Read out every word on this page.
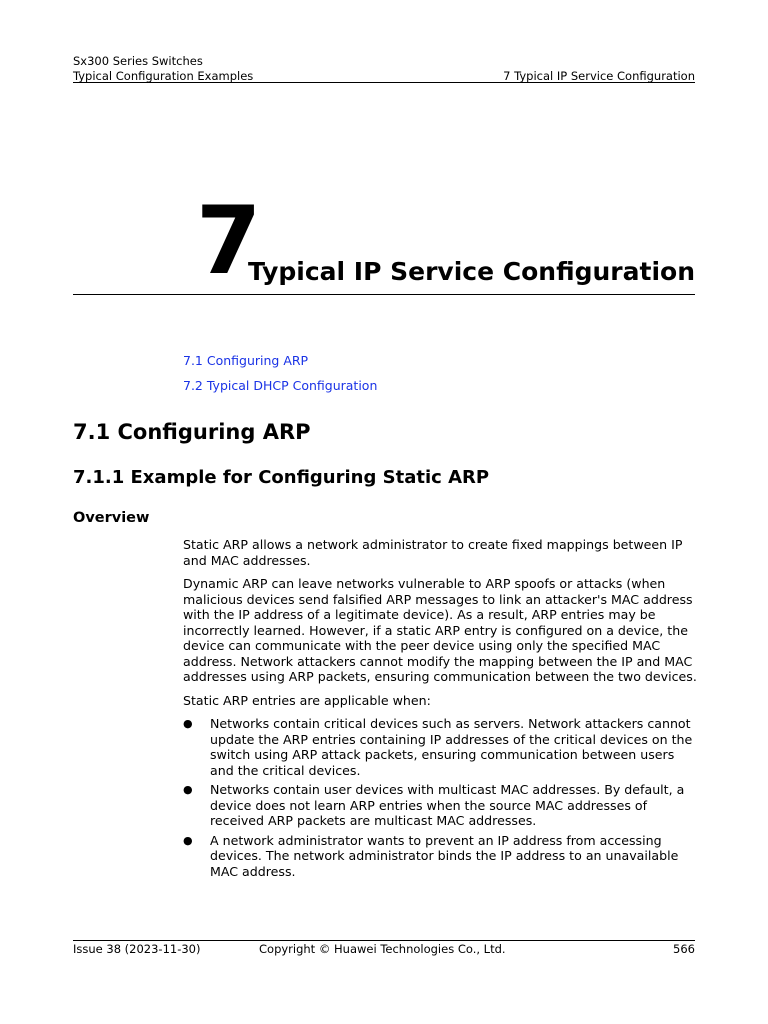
Sx300 Series Switches
Typical Configuration Examples	7 Typical IP Service Configuration
7
Typical IP Service Configuration
7.1 Configuring ARP
7.2 Typical DHCP Configuration
7.1 Configuring ARP
7.1.1 Example for Configuring Static ARP
Overview

Static ARP allows a network administrator to create fixed mappings between IP and MAC addresses.

Dynamic ARP can leave networks vulnerable to ARP spoofs or attacks (when malicious devices send falsified ARP messages to link an attacker's MAC address with the IP address of a legitimate device). As a result, ARP entries may be incorrectly learned. However, if a static ARP entry is configured on a device, the device can communicate with the peer device using only the specified MAC address. Network attackers cannot modify the mapping between the IP and MAC addresses using ARP packets, ensuring communication between the two devices.

Static ARP entries are applicable when:

●	Networks contain critical devices such as servers. Network attackers cannot update the ARP entries containing IP addresses of the critical devices on the switch using ARP attack packets, ensuring communication between users and the critical devices.
●	Networks contain user devices with multicast MAC addresses. By default, a device does not learn ARP entries when the source MAC addresses of received ARP packets are multicast MAC addresses.
●	A network administrator wants to prevent an IP address from accessing devices. The network administrator binds the IP address to an unavailable MAC address.
Issue 38 (2023-11-30)	Copyright © Huawei Technologies Co., Ltd.	566
